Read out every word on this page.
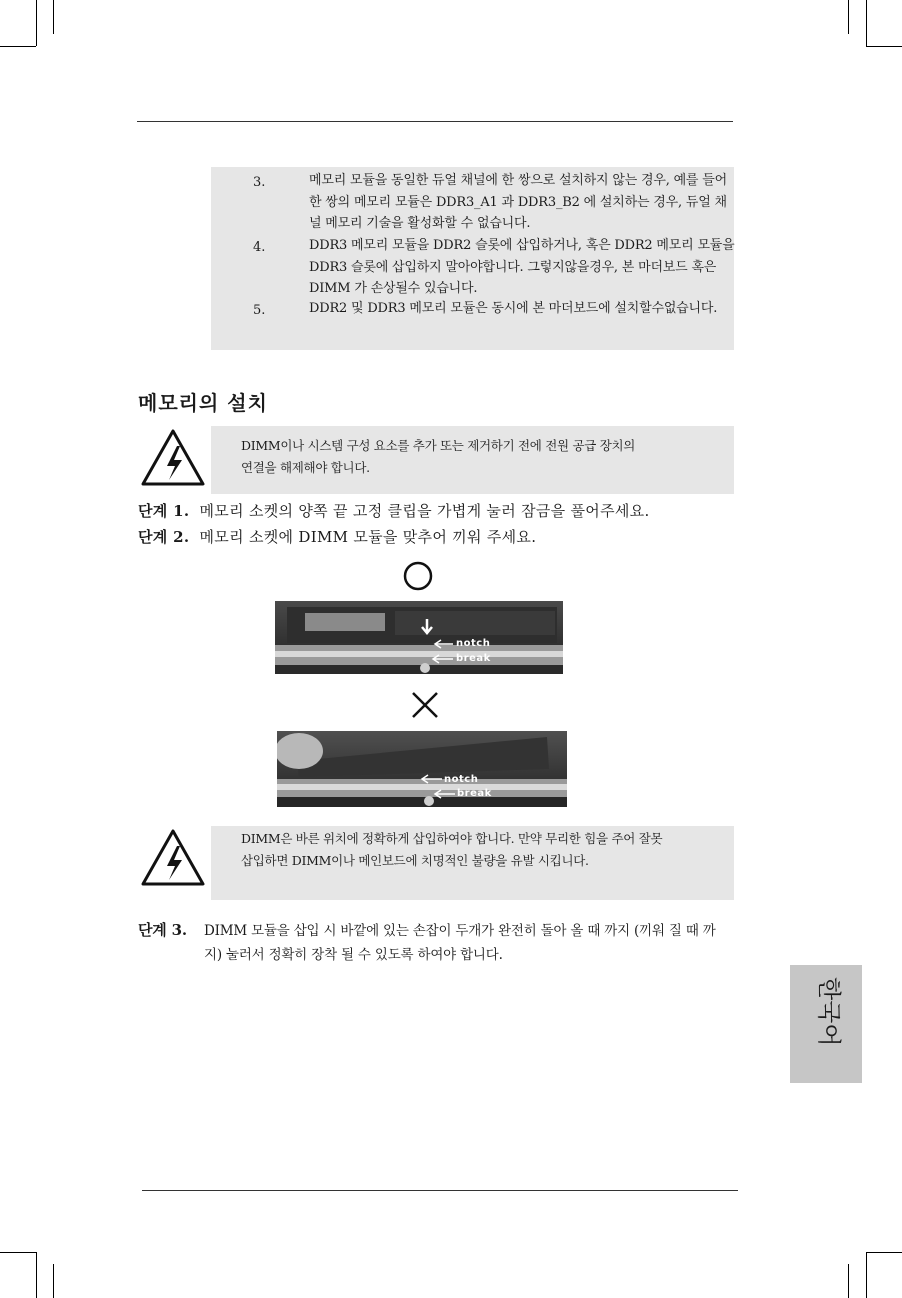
3.	메모리 모듈을 동일한 듀얼 채널에 한 쌍으로 설치하지 않는 경우, 예를 들어 한 쌍의 메모리 모듈은 DDR3_A1 과 DDR3_B2 에 설치하는 경우, 듀얼 채널 메모리 기술을 활성화할 수 없습니다.
4.	DDR3 메모리 모듈을 DDR2 슬롯에 삽입하거나, 혹은 DDR2 메모리 모듈을 DDR3 슬롯에 삽입하지 말아야합니다. 그렇지않을경우, 본 마더보드 혹은 DIMM 가 손상될수 있습니다.
5.	DDR2 및 DDR3 메모리 모듈은 동시에 본 마더보드에 설치할수없습니다.
메모리의 설치
DIMM이나 시스템 구성 요소를 추가 또는 제거하기 전에 전원 공급 장치의 연결을 해제해야 합니다.
단계 1. 메모리 소켓의 양쪽 끝 고정 클립을 가볍게 눌러 잠금을 풀어주세요.
단계 2. 메모리 소켓에 DIMM 모듈을 맞추어 끼워 주세요.
notch
break
notch
break
DIMM은 바른 위치에 정확하게 삽입하여야 합니다. 만약 무리한 힘을 주어 잘못 삽입하면 DIMM이나 메인보드에 치명적인 불량을 유발 시킵니다.
단계 3. DIMM 모듈을 삽입 시 바깥에 있는 손잡이 두개가 완전히 돌아 올 때 까지 (끼워 질 때 까지) 눌러서 정확히 장착 될 수 있도록 하여야 합니다.
한국어
